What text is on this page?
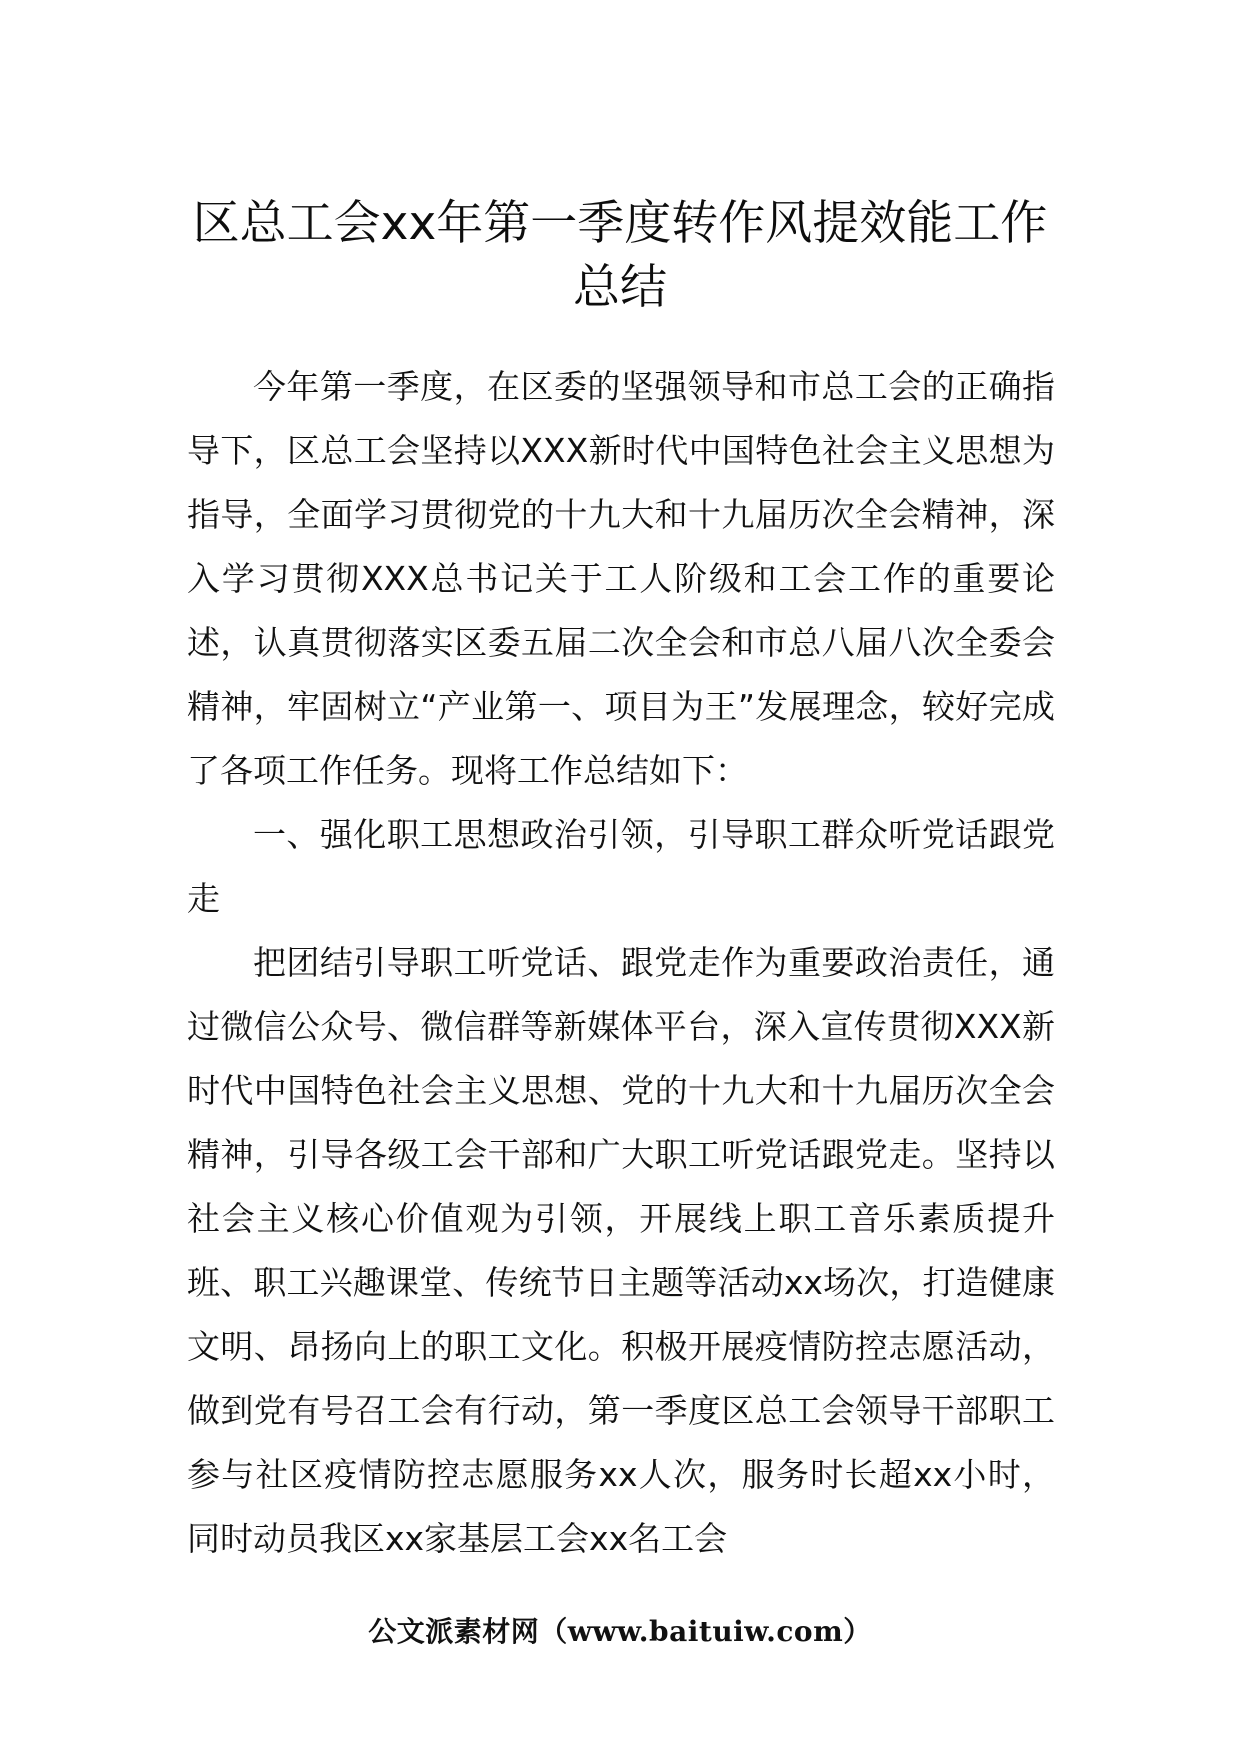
区总工会xx年第一季度转作风提效能工作
总结

今年第一季度，在区委的坚强领导和市总工会的正确指导下，区总工会坚持以XXX新时代中国特色社会主义思想为指导，全面学习贯彻党的十九大和十九届历次全会精神，深入学习贯彻XXX总书记关于工人阶级和工会工作的重要论述，认真贯彻落实区委五届二次全会和市总八届八次全委会精神，牢固树立“产业第一、项目为王”发展理念，较好完成了各项工作任务。现将工作总结如下：

一、强化职工思想政治引领，引导职工群众听党话跟党走

把团结引导职工听党话、跟党走作为重要政治责任，通过微信公众号、微信群等新媒体平台，深入宣传贯彻XXX新时代中国特色社会主义思想、党的十九大和十九届历次全会精神，引导各级工会干部和广大职工听党话跟党走。坚持以社会主义核心价值观为引领，开展线上职工音乐素质提升班、职工兴趣课堂、传统节日主题等活动xx场次，打造健康文明、昂扬向上的职工文化。积极开展疫情防控志愿活动，做到党有号召工会有行动，第一季度区总工会领导干部职工参与社区疫情防控志愿服务xx人次，服务时长超xx小时，同时动员我区xx家基层工会xx名工会

公文派素材网（www.baituiw.com）
